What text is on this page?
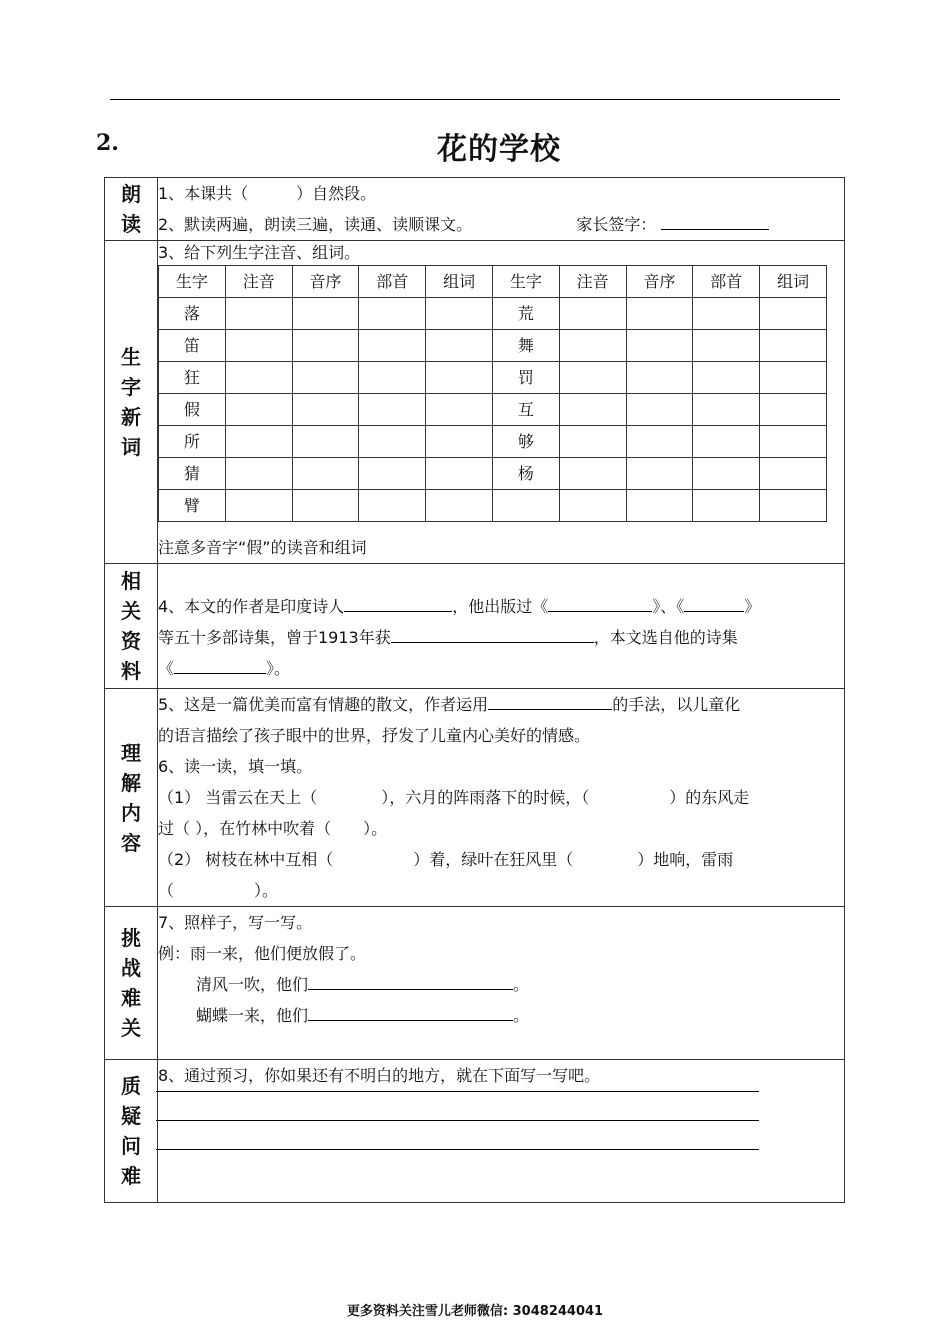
2.	花的学校
朗读	
1、本课共（　　　）自然段。
2、默读两遍，朗读三遍，读通、读顺课文。	家长签字：

生字新词	
3、给下列生字注音、组词。
生字	注音	音序	部首	组词	生字	注音	音序	部首	组词
落					荒				
笛					舞				
狂					罚				
假					互				
所					够				
猜					杨				
臂									
注意多音字“假”的读音和组词

相关资料	
4、本文的作者是印度诗人	，他出版过《	》、《	》
等五十多部诗集，曾于1913年获	，本文选自他的诗集
《	》。

理解内容	
5、这是一篇优美而富有情趣的散文，作者运用	的手法，以儿童化
的语言描绘了孩子眼中的世界，抒发了儿童内心美好的情感。
6、读一读，填一填。
（1） 当雷云在天上（　　　　），六月的阵雨落下的时候，（　　　　　）的东风走
过（ ），在竹林中吹着（　　）。
（2） 树枝在林中互相（　　　　　）着，绿叶在狂风里（　　　　）地响，雷雨
（　　　　　）。

挑战难关	
7、照样子，写一写。
例：雨一来，他们便放假了。
清风一吹，他们	。
蝴蝶一来，他们	。

质疑问难	
8、通过预习，你如果还有不明白的地方，就在下面写一写吧。
更多资料关注雪儿老师微信: 3048244041
